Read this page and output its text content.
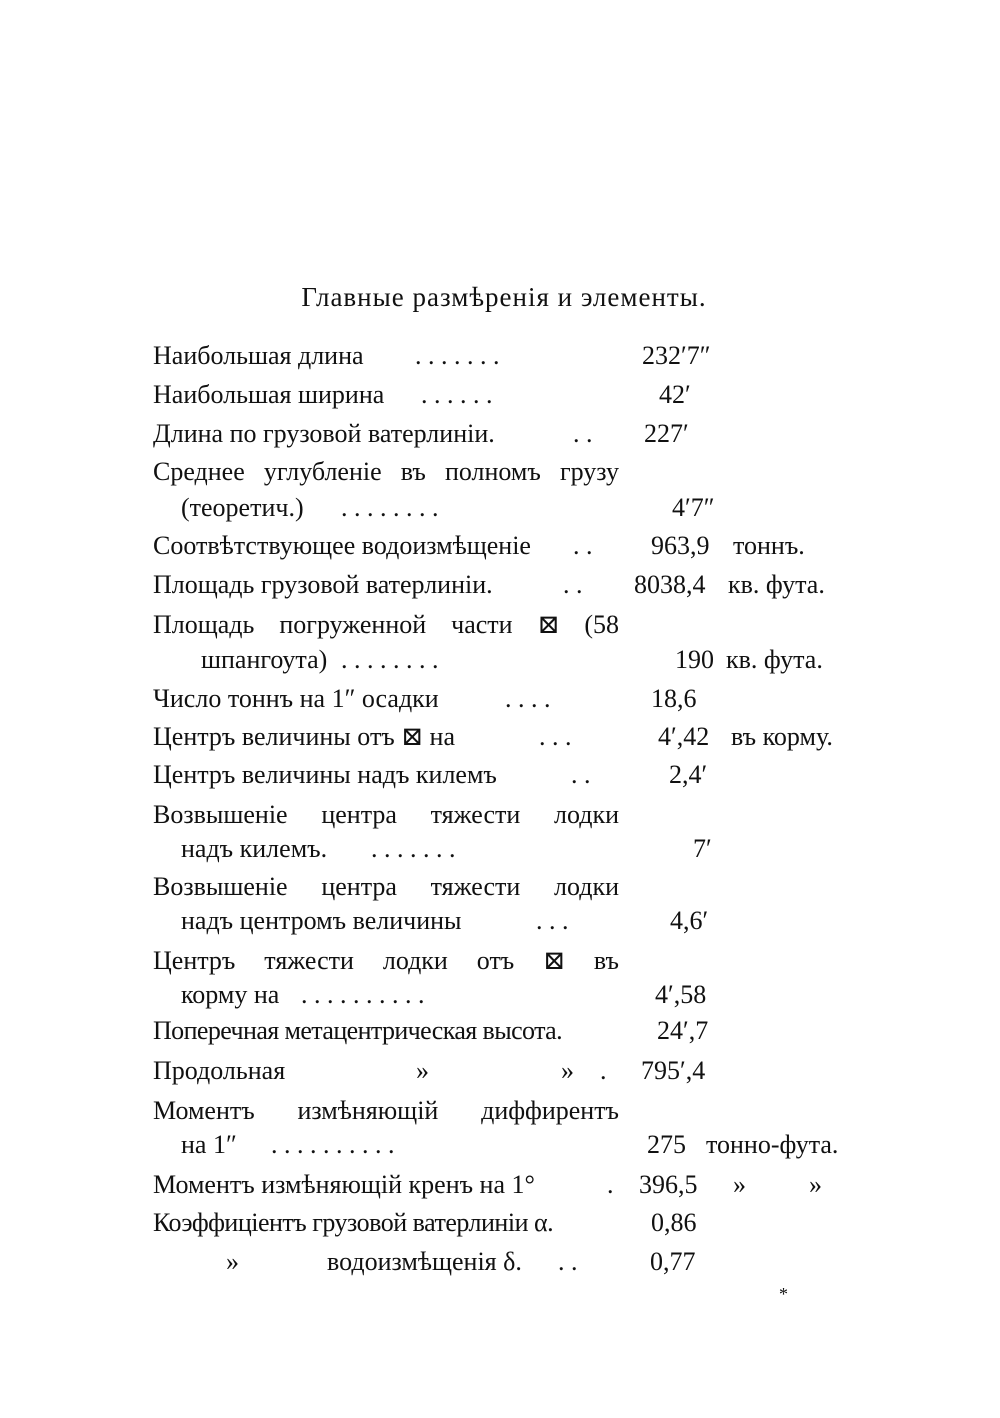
Главные размѣренія и элементы.
Наибольшая длина . . . . . . .	232′7″
Наибольшая ширина . . . . . .	42′
Длина по грузовой ватерлиніи.	. . 227′
Среднее углубленіе въ полномъ грузу
(теоретич.) . . . . . . . .	4′7″
Соотвѣтствующее водоизмѣщеніе . . 963,9 тоннъ.
Площадь грузовой ватерлиніи.	. . 8038,4 кв. фута.
Площадь погруженной части ⊠ (58
шпангоута) . . . . . . . .	190 кв. фута.
Число тоннъ на 1″ осадки	. . . .	18,6
Центръ величины отъ ⊠ на	. . .	4′,42 въ корму.
Центръ величины надъ килемъ	. .	2,4′
Возвышеніе центра тяжести лодки
надъ килемъ. . . . . . . .	7′
Возвышеніе центра тяжести лодки
надъ центромъ величины	. . .	4,6′
Центръ тяжести лодки отъ ⊠ въ
корму на . . . . . . . . . .	4′,58
Поперечная метацентрическая высота.	24′,7
Продольная	»	» . 795′,4
Моментъ измѣняющій диффирентъ
на 1″ . . . . . . . . . .	275 тонно-фута.
Моментъ измѣняющій кренъ на 1°	. 396,5 » »
Коэффиціентъ грузовой ватерлиніи α.	0,86
»	водоизмѣщенія δ. . .	0,77
*
